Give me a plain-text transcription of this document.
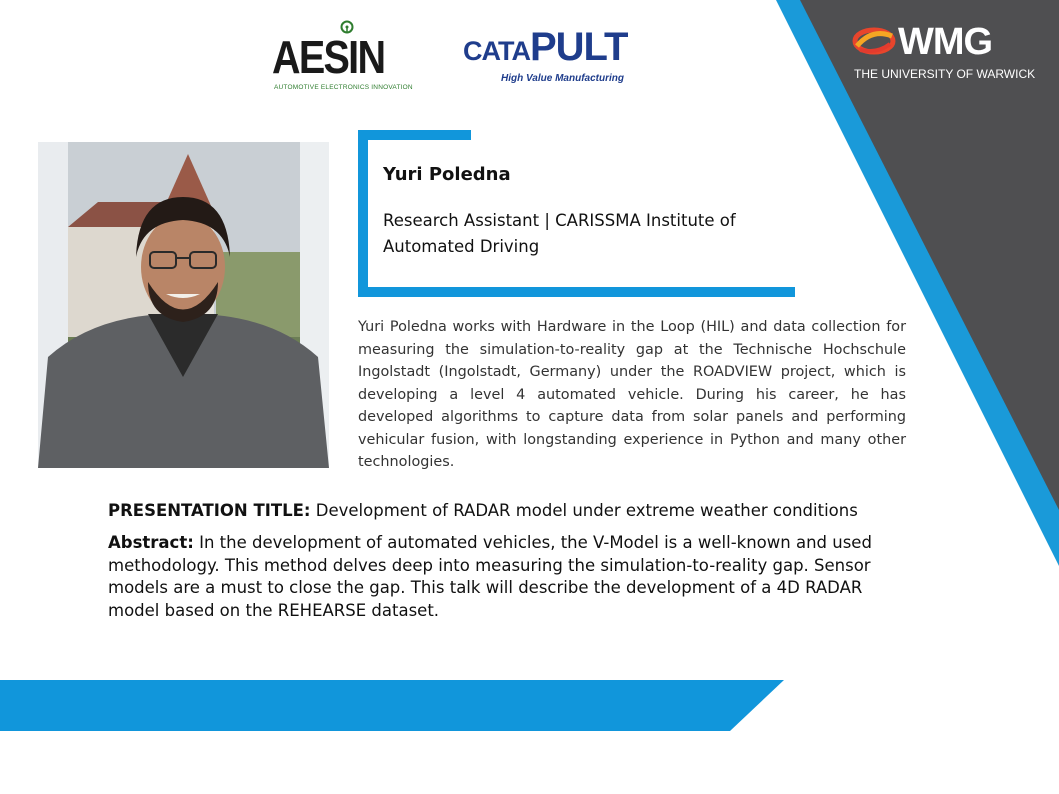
AESIN
AUTOMOTIVE ELECTRONICS INNOVATION
CATAPULT
High Value Manufacturing
WMG
THE UNIVERSITY OF WARWICK
Yuri Poledna
Research Assistant | CARISSMA Institute of Automated Driving
Yuri Poledna works with Hardware in the Loop (HIL) and data collection for measuring the simulation-to-reality gap at the Technische Hochschule Ingolstadt (Ingolstadt, Germany) under the ROADVIEW project, which is developing a level 4 automated vehicle. During his career, he has developed algorithms to capture data from solar panels and performing vehicular fusion, with longstanding experience in Python and many other technologies.
PRESENTATION TITLE: Development of RADAR model under extreme weather conditions
Abstract: In the development of automated vehicles, the V-Model is a well-known and used methodology. This method delves deep into measuring the simulation-to-reality gap. Sensor models are a must to close the gap. This talk will describe the development of a 4D RADAR model based on the REHEARSE dataset.
